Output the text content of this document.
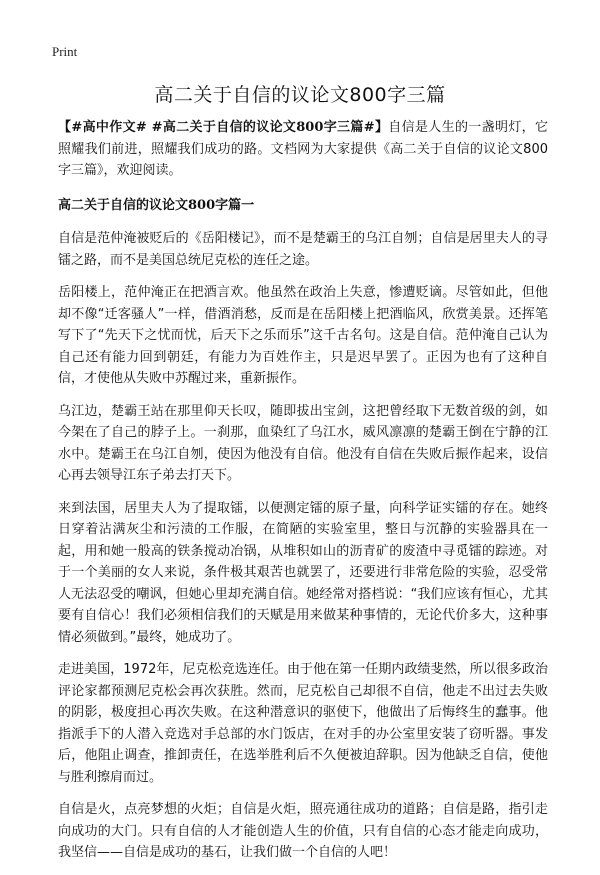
Print
高二关于自信的议论文800字三篇

【#高中作文# #高二关于自信的议论文800字三篇#】自信是人生的一盏明灯，它照耀我们前进，照耀我们成功的路。文档网为大家提供《高二关于自信的议论文800字三篇》，欢迎阅读。

高二关于自信的议论文800字篇一

自信是范仲淹被贬后的《岳阳楼记》，而不是楚霸王的乌江自刎；自信是居里夫人的寻镭之路，而不是美国总统尼克松的连任之途。

岳阳楼上，范仲淹正在把酒言欢。他虽然在政治上失意，惨遭贬谪。尽管如此，但他却不像“迁客骚人”一样，借酒消愁，反而是在岳阳楼上把酒临风，欣赏美景。还挥笔写下了“先天下之忧而忧，后天下之乐而乐”这千古名句。这是自信。范仲淹自己认为自己还有能力回到朝廷，有能力为百姓作主，只是迟早罢了。正因为也有了这种自信，才使他从失败中苏醒过来，重新振作。

乌江边，楚霸王站在那里仰天长叹，随即拔出宝剑，这把曾经取下无数首级的剑，如今架在了自己的脖子上。一刹那，血染红了乌江水，威风凛凛的楚霸王倒在宁静的江水中。楚霸王在乌江自刎，使因为他没有自信。他没有自信在失败后振作起来，设信心再去领导江东子弟去打天下。

来到法国，居里夫人为了提取镭，以便测定镭的原子量，向科学证实镭的存在。她终日穿着沾满灰尘和污渍的工作服，在简陋的实验室里，整日与沉静的实验器具在一起，用和她一般高的铁条搅动冶锅，从堆积如山的沥青矿的废渣中寻觅镭的踪迹。对于一个美丽的女人来说，条件极其艰苦也就罢了，还要进行非常危险的实验，忍受常人无法忍受的嘲讽，但她心里却充满自信。她经常对搭档说：“我们应该有恒心，尤其要有自信心！我们必须相信我们的天赋是用来做某种事情的，无论代价多大，这种事情必须做到。”最终，她成功了。

走进美国，1972年，尼克松竞选连任。由于他在第一任期内政绩斐然，所以很多政治评论家都预测尼克松会再次获胜。然而，尼克松自己却很不自信，他走不出过去失败的阴影，极度担心再次失败。在这种潜意识的驱使下，他做出了后悔终生的蠢事。他指派手下的人潜入竞选对手总部的水门饭店，在对手的办公室里安装了窃听器。事发后，他阻止调查，推卸责任，在选举胜利后不久便被迫辞职。因为他缺乏自信，使他与胜利擦肩而过。

自信是火，点亮梦想的火炬；自信是火炬，照亮通往成功的道路；自信是路，指引走向成功的大门。只有自信的人才能创造人生的价值，只有自信的心态才能走向成功，我坚信——自信是成功的基石，让我们做一个自信的人吧！
